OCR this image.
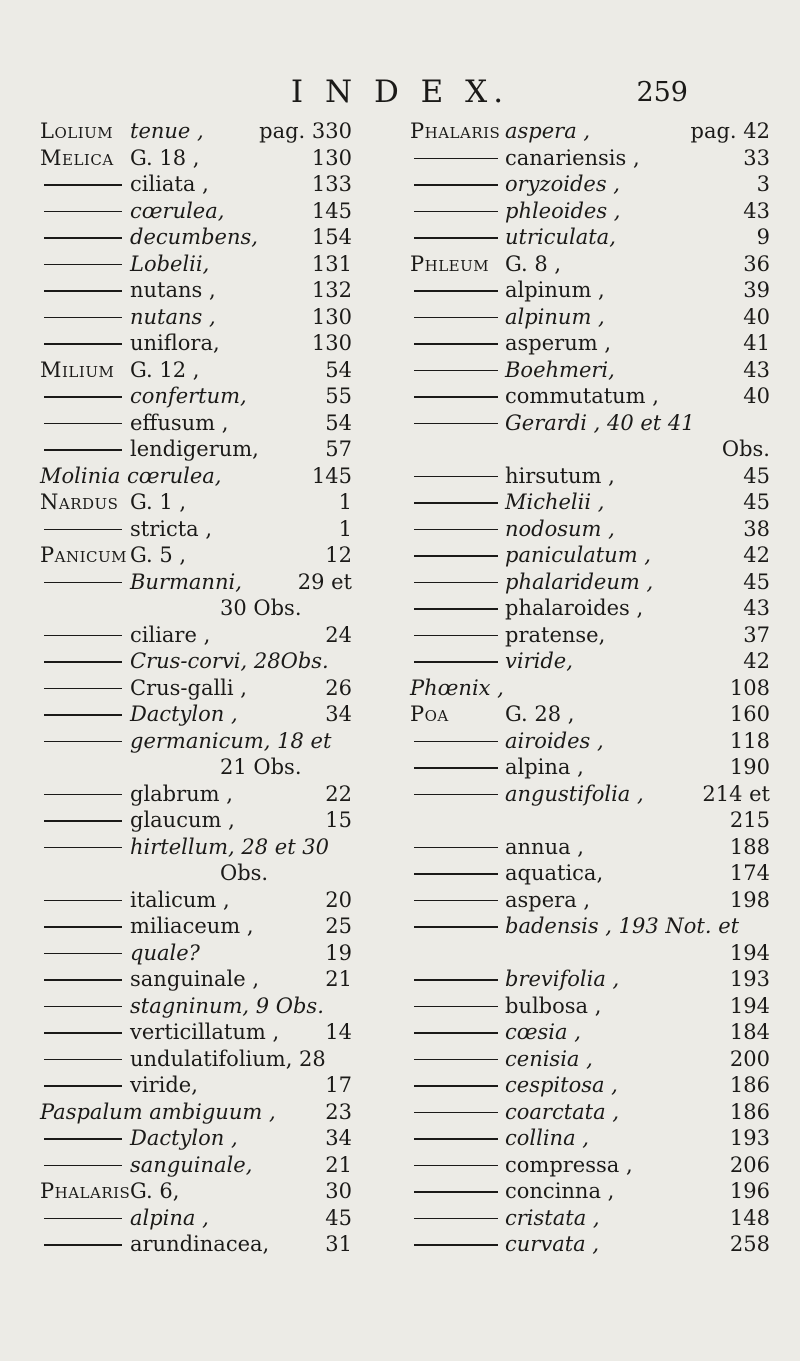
I N D E X.	259
Lolium tenue ,	pag. 330
Melica G. 18 ,	130
ciliata ,	133
cœrulea,	145
decumbens,	154
Lobelii,	131
nutans ,	132
nutans ,	130
uniflora,	130
Milium G. 12 ,	54
confertum,	55
effusum ,	54
lendigerum,	57
Molinia cœrulea,	145
Nardus G. 1 ,	1
stricta ,	1
Panicum G. 5 ,	12
Burmanni,	29 et
30 Obs.
ciliare ,	24
Crus-corvi, 28Obs.
Crus-galli ,	26
Dactylon ,	34
germanicum, 18 et
21 Obs.
glabrum ,	22
glaucum ,	15
hirtellum, 28 et 30
Obs.
italicum ,	20
miliaceum ,	25
quale?	19
sanguinale ,	21
stagninum, 9 Obs.
verticillatum , 14
undulatifolium, 28
viride,	17
Paspalum ambiguum , 23
Dactylon ,	34
sanguinale,	21
Phalaris G. 6,	30
alpina ,	45
arundinacea,	31
Phalaris aspera ,	pag. 42
canariensis ,	33
oryzoides ,	3
phleoides ,	43
utriculata,	9
Phleum G. 8 ,	36
alpinum ,	39
alpinum ,	40
asperum ,	41
Boehmeri,	43
commutatum ,	40
Gerardi , 40 et 41
Obs.
hirsutum ,	45
Michelii ,	45
nodosum ,	38
paniculatum ,	42
phalarideum ,	45
phalaroides ,	43
pratense,	37
viride,	42
Phœnix ,	108
Poa	G. 28 ,	160
airoides ,	118
alpina ,	190
angustifolia ,	214 et
215
annua ,	188
aquatica,	174
aspera ,	198
badensis , 193 Not. et
194
brevifolia ,	193
bulbosa ,	194
cœsia ,	184
cenisia ,	200
cespitosa ,	186
coarctata ,	186
collina ,	193
compressa ,	206
concinna ,	196
cristata ,	148
curvata ,	258
